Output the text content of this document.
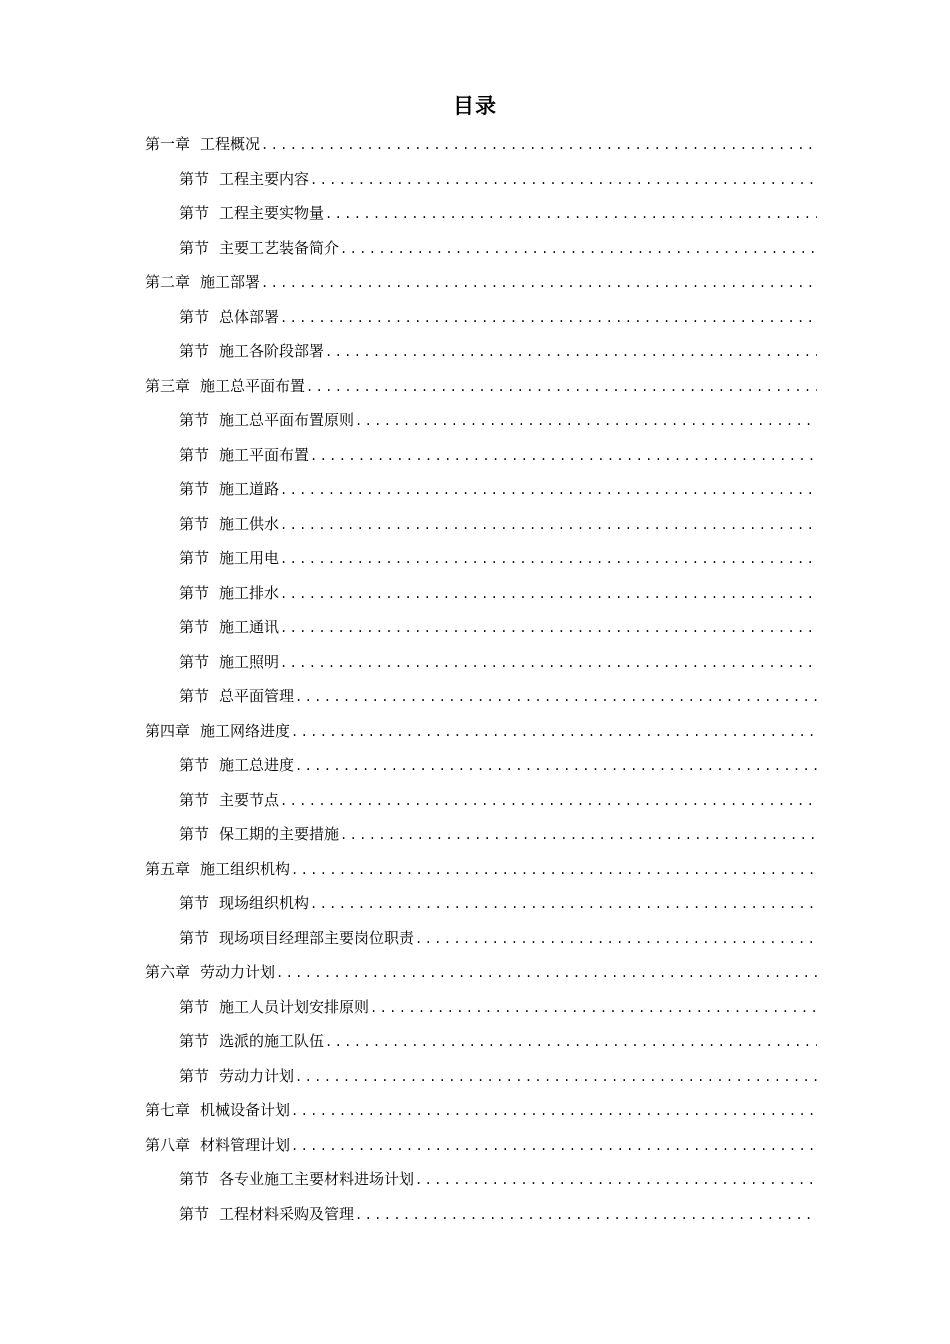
目录
第一章 工程概况
.....
第节 工程主要内容
.....
第节 工程主要实物量
.....
第节 主要工艺装备简介
.....
第二章 施工部署
.....
第节 总体部署
.....
第节 施工各阶段部署
.....
第三章 施工总平面布置
.....
第节 施工总平面布置原则
.....
第节 施工平面布置
.....
第节 施工道路
.....
第节 施工供水
.....
第节 施工用电
.....
第节 施工排水
.....
第节 施工通讯
.....
第节 施工照明
.....
第节 总平面管理
.....
第四章 施工网络进度
.....
第节 施工总进度
.....
第节 主要节点
.....
第节 保工期的主要措施
.....
第五章 施工组织机构
.....
第节 现场组织机构
.....
第节 现场项目经理部主要岗位职责
.....
第六章 劳动力计划
.....
第节 施工人员计划安排原则
.....
第节 选派的施工队伍
.....
第节 劳动力计划
.....
第七章 机械设备计划
.....
第八章 材料管理计划
.....
第节 各专业施工主要材料进场计划
.....
第节 工程材料采购及管理
.....
